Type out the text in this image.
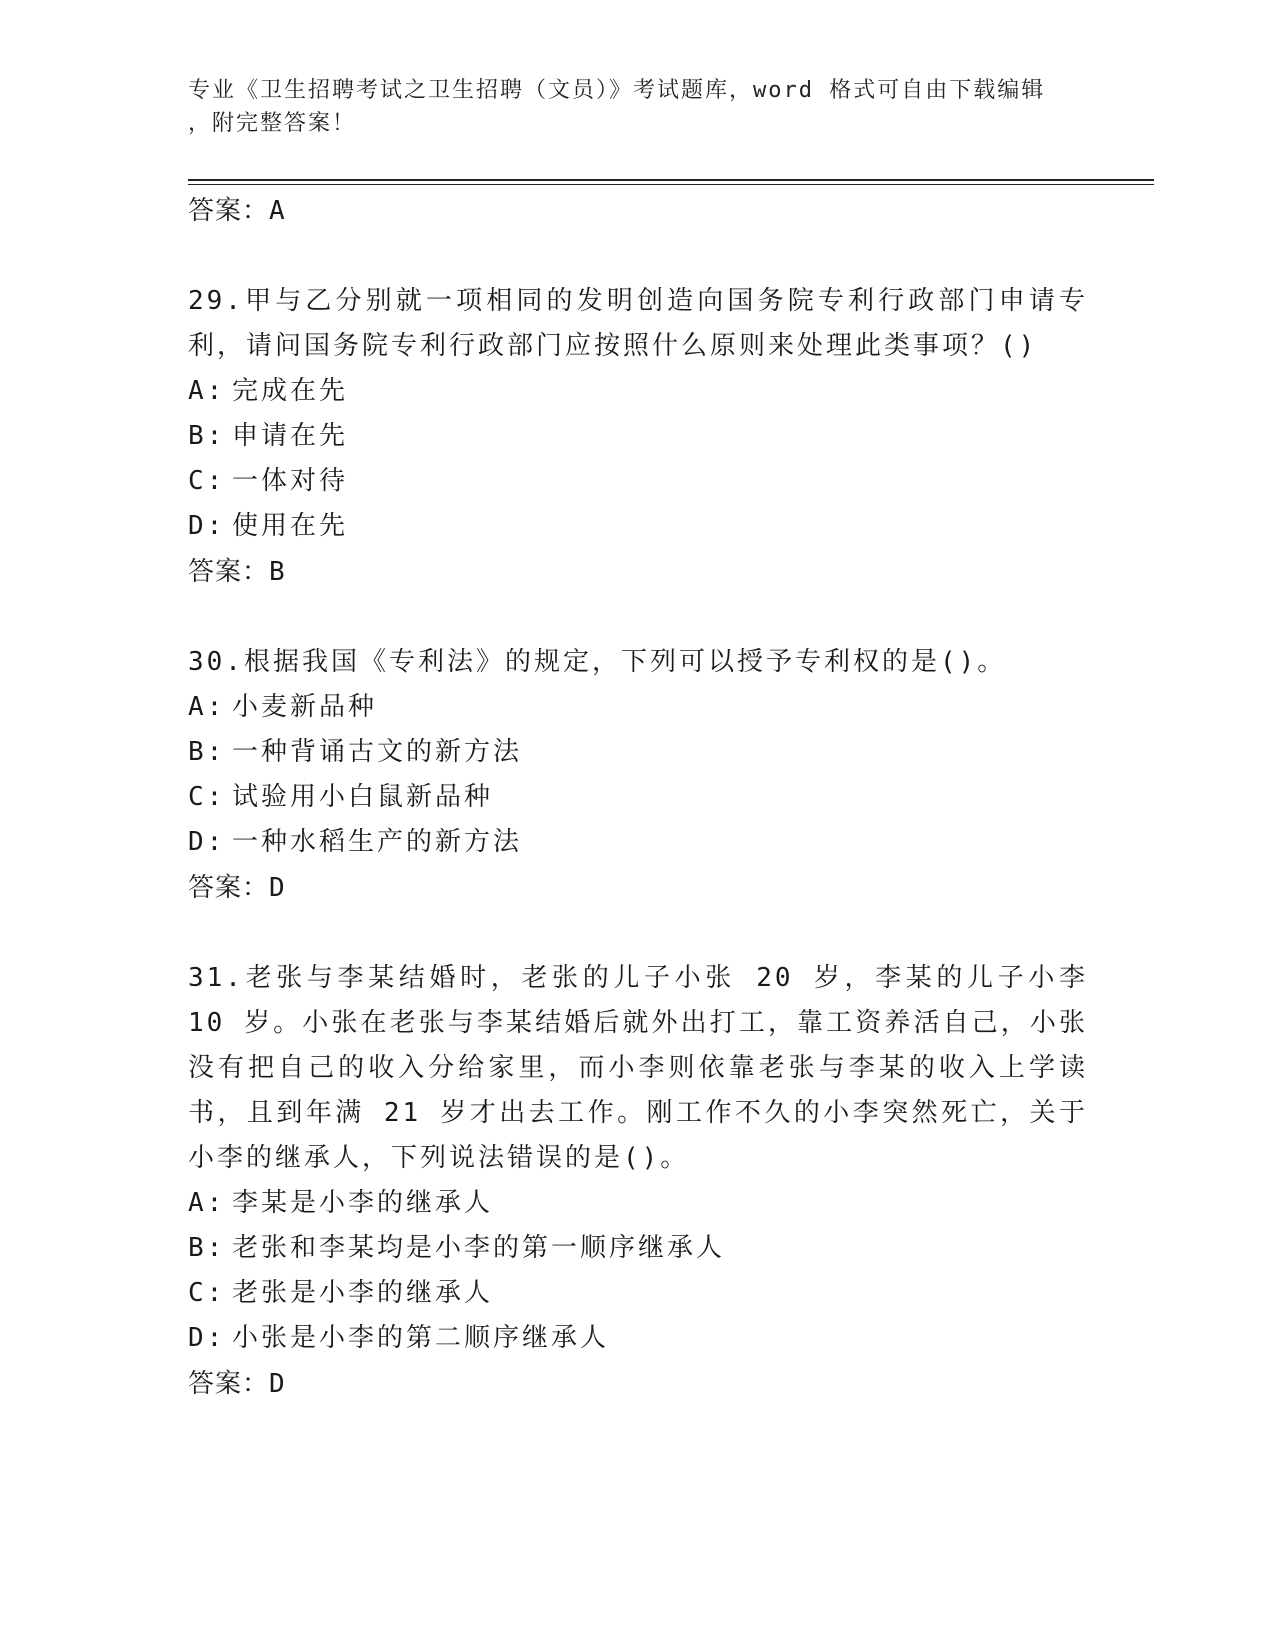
专业《卫生招聘考试之卫生招聘（文员）》考试题库，word 格式可自由下载编辑
，附完整答案！
答案：A
29.甲与乙分别就一项相同的发明创造向国务院专利行政部门申请专利，请问国务院专利行政部门应按照什么原则来处理此类事项？()
A: 完成在先
B: 申请在先
C: 一体对待
D: 使用在先
答案：B
30.根据我国《专利法》的规定，下列可以授予专利权的是()。
A: 小麦新品种
B: 一种背诵古文的新方法
C: 试验用小白鼠新品种
D: 一种水稻生产的新方法
答案：D
31.老张与李某结婚时，老张的儿子小张 20 岁，李某的儿子小李 10 岁。小张在老张与李某结婚后就外出打工，靠工资养活自己，小张没有把自己的收入分给家里，而小李则依靠老张与李某的收入上学读书，且到年满 21 岁才出去工作。刚工作不久的小李突然死亡，关于小李的继承人，下列说法错误的是()。
A: 李某是小李的继承人
B: 老张和李某均是小李的第一顺序继承人
C: 老张是小李的继承人
D: 小张是小李的第二顺序继承人
答案：D
